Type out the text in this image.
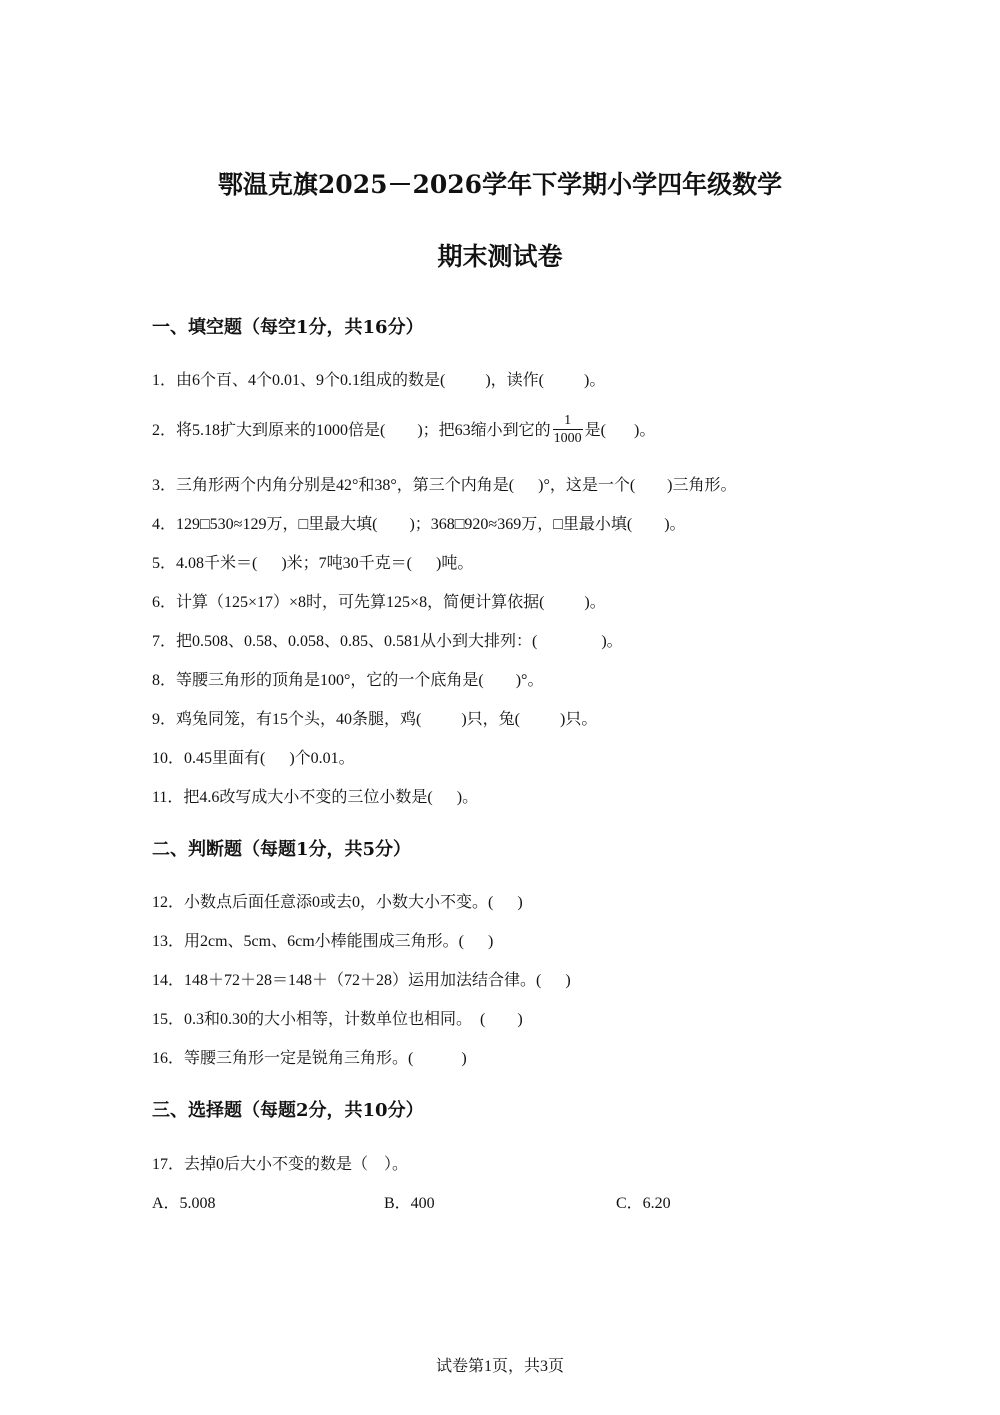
鄂温克旗2025－2026学年下学期小学四年级数学
期末测试卷
一、填空题（每空1分，共16分）
1．由6个百、4个0.01、9个0.1组成的数是(          )，读作(          )。
2．将5.18扩大到原来的1000倍是(        )；把63缩小到它的 $\frac{1}{1000}$ 是(       )。
3．三角形两个内角分别是42°和38°，第三个内角是(      )°，这是一个(        )三角形。
4．129□530≈129万，□里最大填(        )；368□920≈369万，□里最小填(        )。
5．4.08千米＝(      )米；7吨30千克＝(      )吨。
6．计算（125×17）×8时，可先算125×8，简便计算依据(          )。
7．把0.508、0.58、0.058、0.85、0.581从小到大排列：(                )。
8．等腰三角形的顶角是100°，它的一个底角是(        )°。
9．鸡兔同笼，有15个头，40条腿，鸡(          )只，兔(          )只。
10．0.45里面有(      )个0.01。
11．把4.6改写成大小不变的三位小数是(      )。
二、判断题（每题1分，共5分）
12．小数点后面任意添0或去0，小数大小不变。(      )
13．用2cm、5cm、6cm小棒能围成三角形。(      )
14．148＋72＋28＝148＋（72＋28）运用加法结合律。(      )
15．0.3和0.30的大小相等，计数单位也相同。  (        )
16．等腰三角形一定是锐角三角形。(            )
三、选择题（每题2分，共10分）
17．去掉0后大小不变的数是（    ）。
A．5.008	B．400	C．6.20
试卷第1页，共3页
